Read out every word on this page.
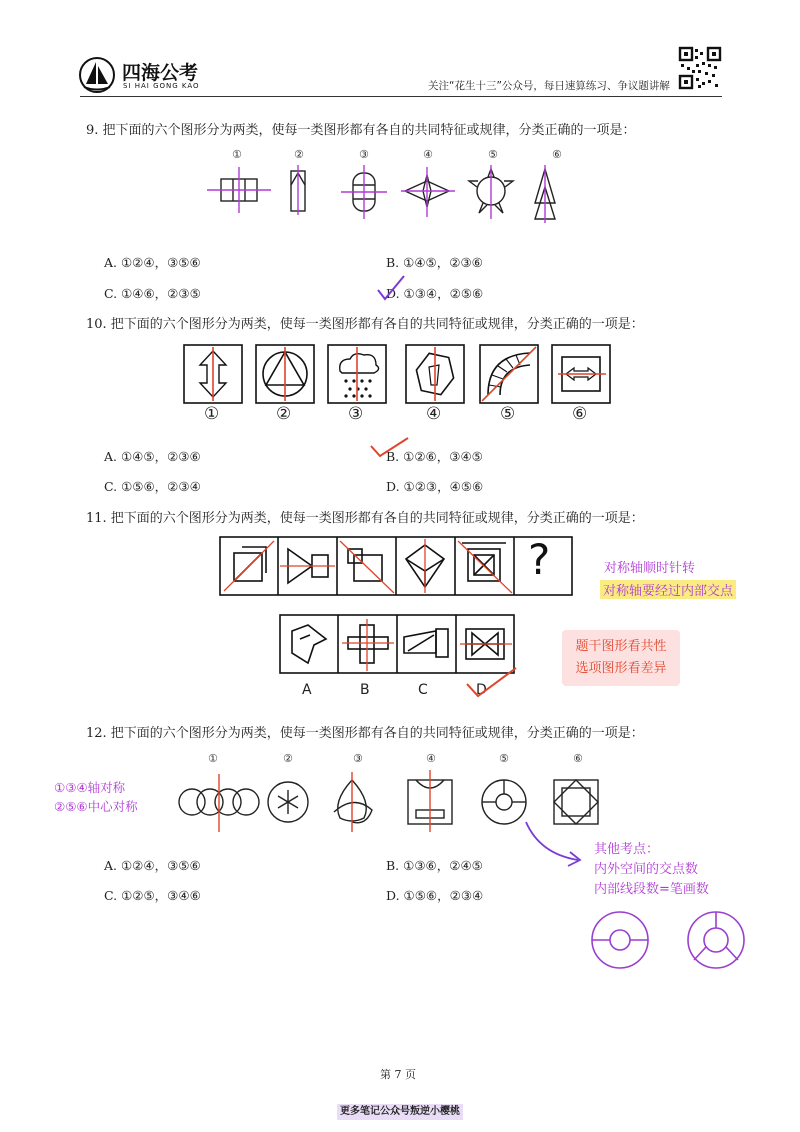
四海公考
SI HAI GONG KAO	关注“花生十三”公众号，每日速算练习、争议题讲解
9. 把下面的六个图形分为两类，使每一类图形都有各自的共同特征或规律，分类正确的一项是：
①	②	③	④	⑤	⑥
A. ①②④，③⑤⑥	B. ①④⑤，②③⑥
C. ①④⑥，②③⑤	D. ①③④，②⑤⑥
10. 把下面的六个图形分为两类，使每一类图形都有各自的共同特征或规律，分类正确的一项是：
①	②	③	④	⑤	⑥
A. ①④⑤，②③⑥	B. ①②⑥，③④⑤
C. ①⑤⑥，②③④	D. ①②③，④⑤⑥
11. 把下面的六个图形分为两类，使每一类图形都有各自的共同特征或规律，分类正确的一项是：
?	对称轴顺时针转
对称轴要经过内部交点
A	B	C	D
题干图形看共性
选项图形看差异
12. 把下面的六个图形分为两类，使每一类图形都有各自的共同特征或规律，分类正确的一项是：
①	②	③	④	⑤	⑥
①③④轴对称
②⑤⑥中心对称
A. ①②④，③⑤⑥	B. ①③⑥，②④⑤
C. ①②⑤，③④⑥	D. ①⑤⑥，②③④
其他考点：
内外空间的交点数
内部线段数=笔画数
第 7 页
更多笔记公众号叛逆小樱桃
